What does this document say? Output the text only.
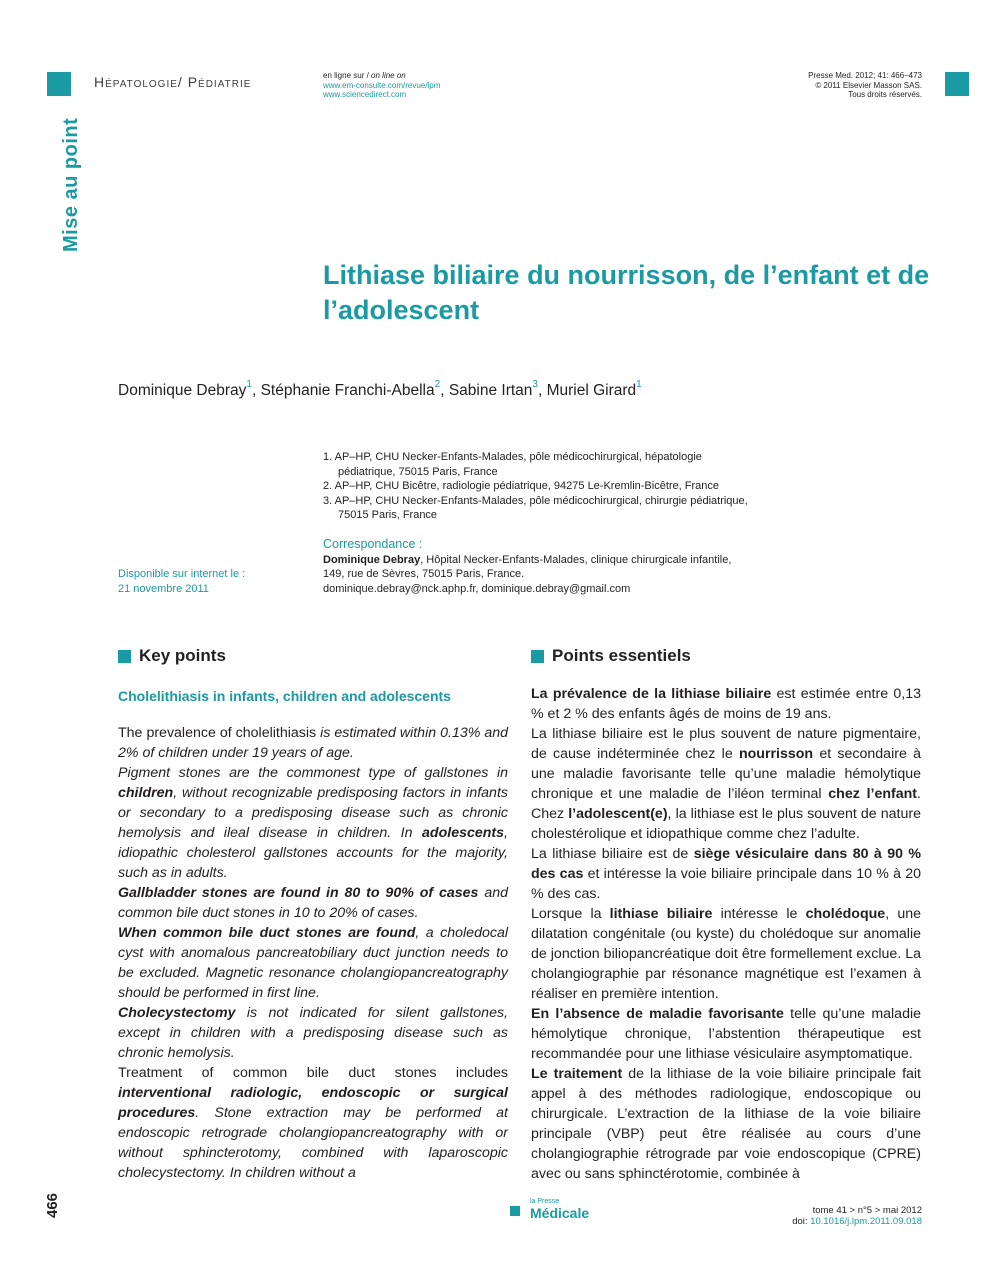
Hépatologie/ Pédiatrie	en ligne sur / on line on
www.em-consulte.com/revue/lpm
www.sciencedirect.com
Presse Med. 2012; 41: 466–473
© 2011 Elsevier Masson SAS.
Tous droits réservés.
Mise au point
Lithiase biliaire du nourrisson, de l’enfant et de l’adolescent
Dominique Debray$^1$, Stéphanie Franchi-Abella$^2$, Sabine Irtan$^3$, Muriel Girard$^1$
1. AP–HP, CHU Necker-Enfants-Malades, pôle médicochirurgical, hépatologie pédiatrique, 75015 Paris, France
2. AP–HP, CHU Bicêtre, radiologie pédiatrique, 94275 Le-Kremlin-Bicêtre, France
3. AP–HP, CHU Necker-Enfants-Malades, pôle médicochirurgical, chirurgie pédiatrique, 75015 Paris, France
Correspondance :
Dominique Debray, Hôpital Necker-Enfants-Malades, clinique chirurgicale infantile,
149, rue de Sèvres, 75015 Paris, France.
dominique.debray@nck.aphp.fr, dominique.debray@gmail.com
Disponible sur internet le :
21 novembre 2011
Key points	Points essentiels
Cholelithiasis in infants, children and adolescents

The prevalence of cholelithiasis is estimated within 0.13% and 2% of children under 19 years of age.

Pigment stones are the commonest type of gallstones in children, without recognizable predisposing factors in infants or secondary to a predisposing disease such as chronic hemolysis and ileal disease in children. In adolescents, idiopathic cholesterol gallstones accounts for the majority, such as in adults.

Gallbladder stones are found in 80 to 90% of cases and common bile duct stones in 10 to 20% of cases.

When common bile duct stones are found, a choledocal cyst with anomalous pancreatobiliary duct junction needs to be excluded. Magnetic resonance cholangiopancreatography should be performed in first line.

Cholecystectomy is not indicated for silent gallstones, except in children with a predisposing disease such as chronic hemolysis.

Treatment of common bile duct stones includes interventional radiologic, endoscopic or surgical procedures. Stone extraction may be performed at endoscopic retrograde cholangiopancreatography with or without sphincterotomy, combined with laparoscopic cholecystectomy. In children without a

La prévalence de la lithiase biliaire est estimée entre 0,13 % et 2 % des enfants âgés de moins de 19 ans.

La lithiase biliaire est le plus souvent de nature pigmentaire, de cause indéterminée chez le nourrisson et secondaire à une maladie favorisante telle qu’une maladie hémolytique chronique et une maladie de l’iléon terminal chez l’enfant. Chez l’adolescent(e), la lithiase est le plus souvent de nature cholestérolique et idiopathique comme chez l’adulte.

La lithiase biliaire est de siège vésiculaire dans 80 à 90 % des cas et intéresse la voie biliaire principale dans 10 % à 20 % des cas.

Lorsque la lithiase biliaire intéresse le cholédoque, une dilatation congénitale (ou kyste) du cholédoque sur anomalie de jonction biliopancréatique doit être formellement exclue. La cholangiographie par résonance magnétique est l’examen à réaliser en première intention.

En l’absence de maladie favorisante telle qu’une maladie hémolytique chronique, l’abstention thérapeutique est recommandée pour une lithiase vésiculaire asymptomatique.

Le traitement de la lithiase de la voie biliaire principale fait appel à des méthodes radiologique, endoscopique ou chirurgicale. L’extraction de la lithiase de la voie biliaire principale (VBP) peut être réalisée au cours d’une cholangiographie rétrograde par voie endoscopique (CPRE) avec ou sans sphinctérotomie, combinée à

466	la Presse
Médicale	tome 41 > n°5 > mai 2012
doi: 10.1016/j.lpm.2011.09.018
